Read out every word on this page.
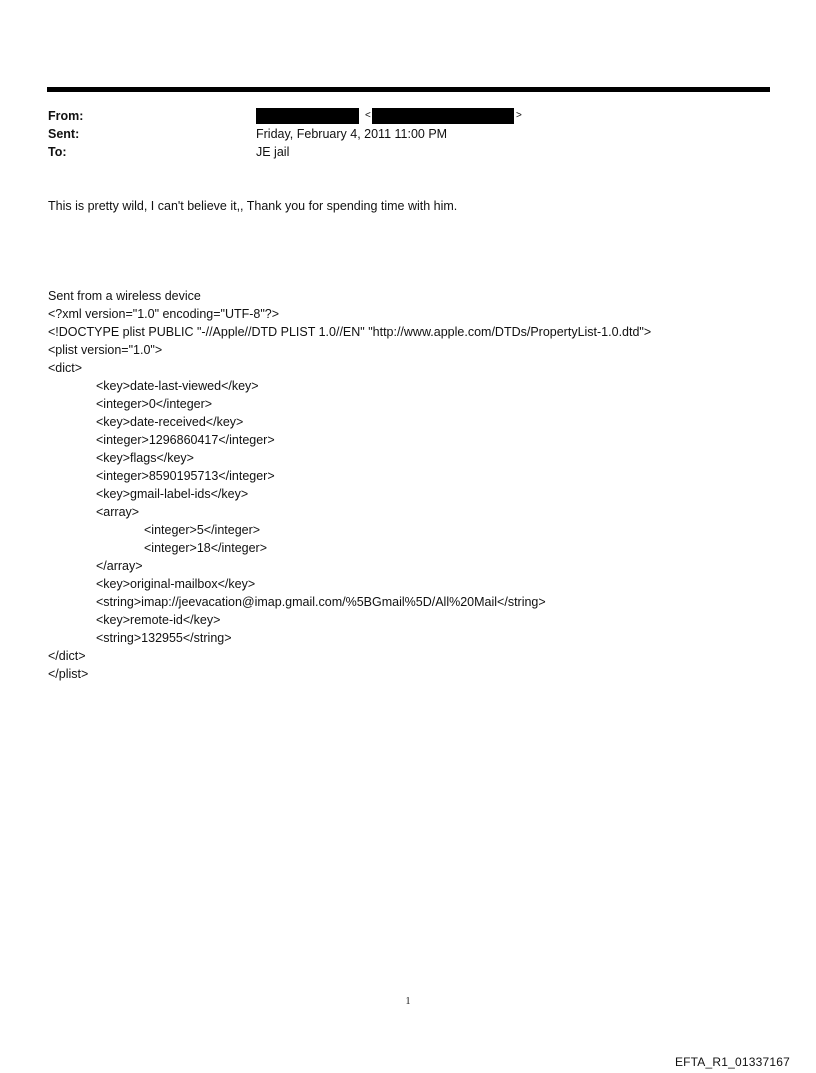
From:
Sent:
To:
<	>
Friday, February 4, 2011 11:00 PM
JE jail
This is pretty wild, I can't believe it,, Thank you for spending time with him.
Sent from a wireless device
<?xml version="1.0" encoding="UTF-8"?>
<!DOCTYPE plist PUBLIC "-//Apple//DTD PLIST 1.0//EN" "http://www.apple.com/DTDs/PropertyList-1.0.dtd">
<plist version="1.0">
<dict>
<key>date-last-viewed</key>
<integer>0</integer>
<key>date-received</key>
<integer>1296860417</integer>
<key>flags</key>
<integer>8590195713</integer>
<key>gmail-label-ids</key>
<array>
<integer>5</integer>
<integer>18</integer>
</array>
<key>original-mailbox</key>
<string>imap://jeevacation@imap.gmail.com/%5BGmail%5D/All%20Mail</string>
<key>remote-id</key>
<string>132955</string>
</dict>
</plist>
1
EFTA_R1_01337167
